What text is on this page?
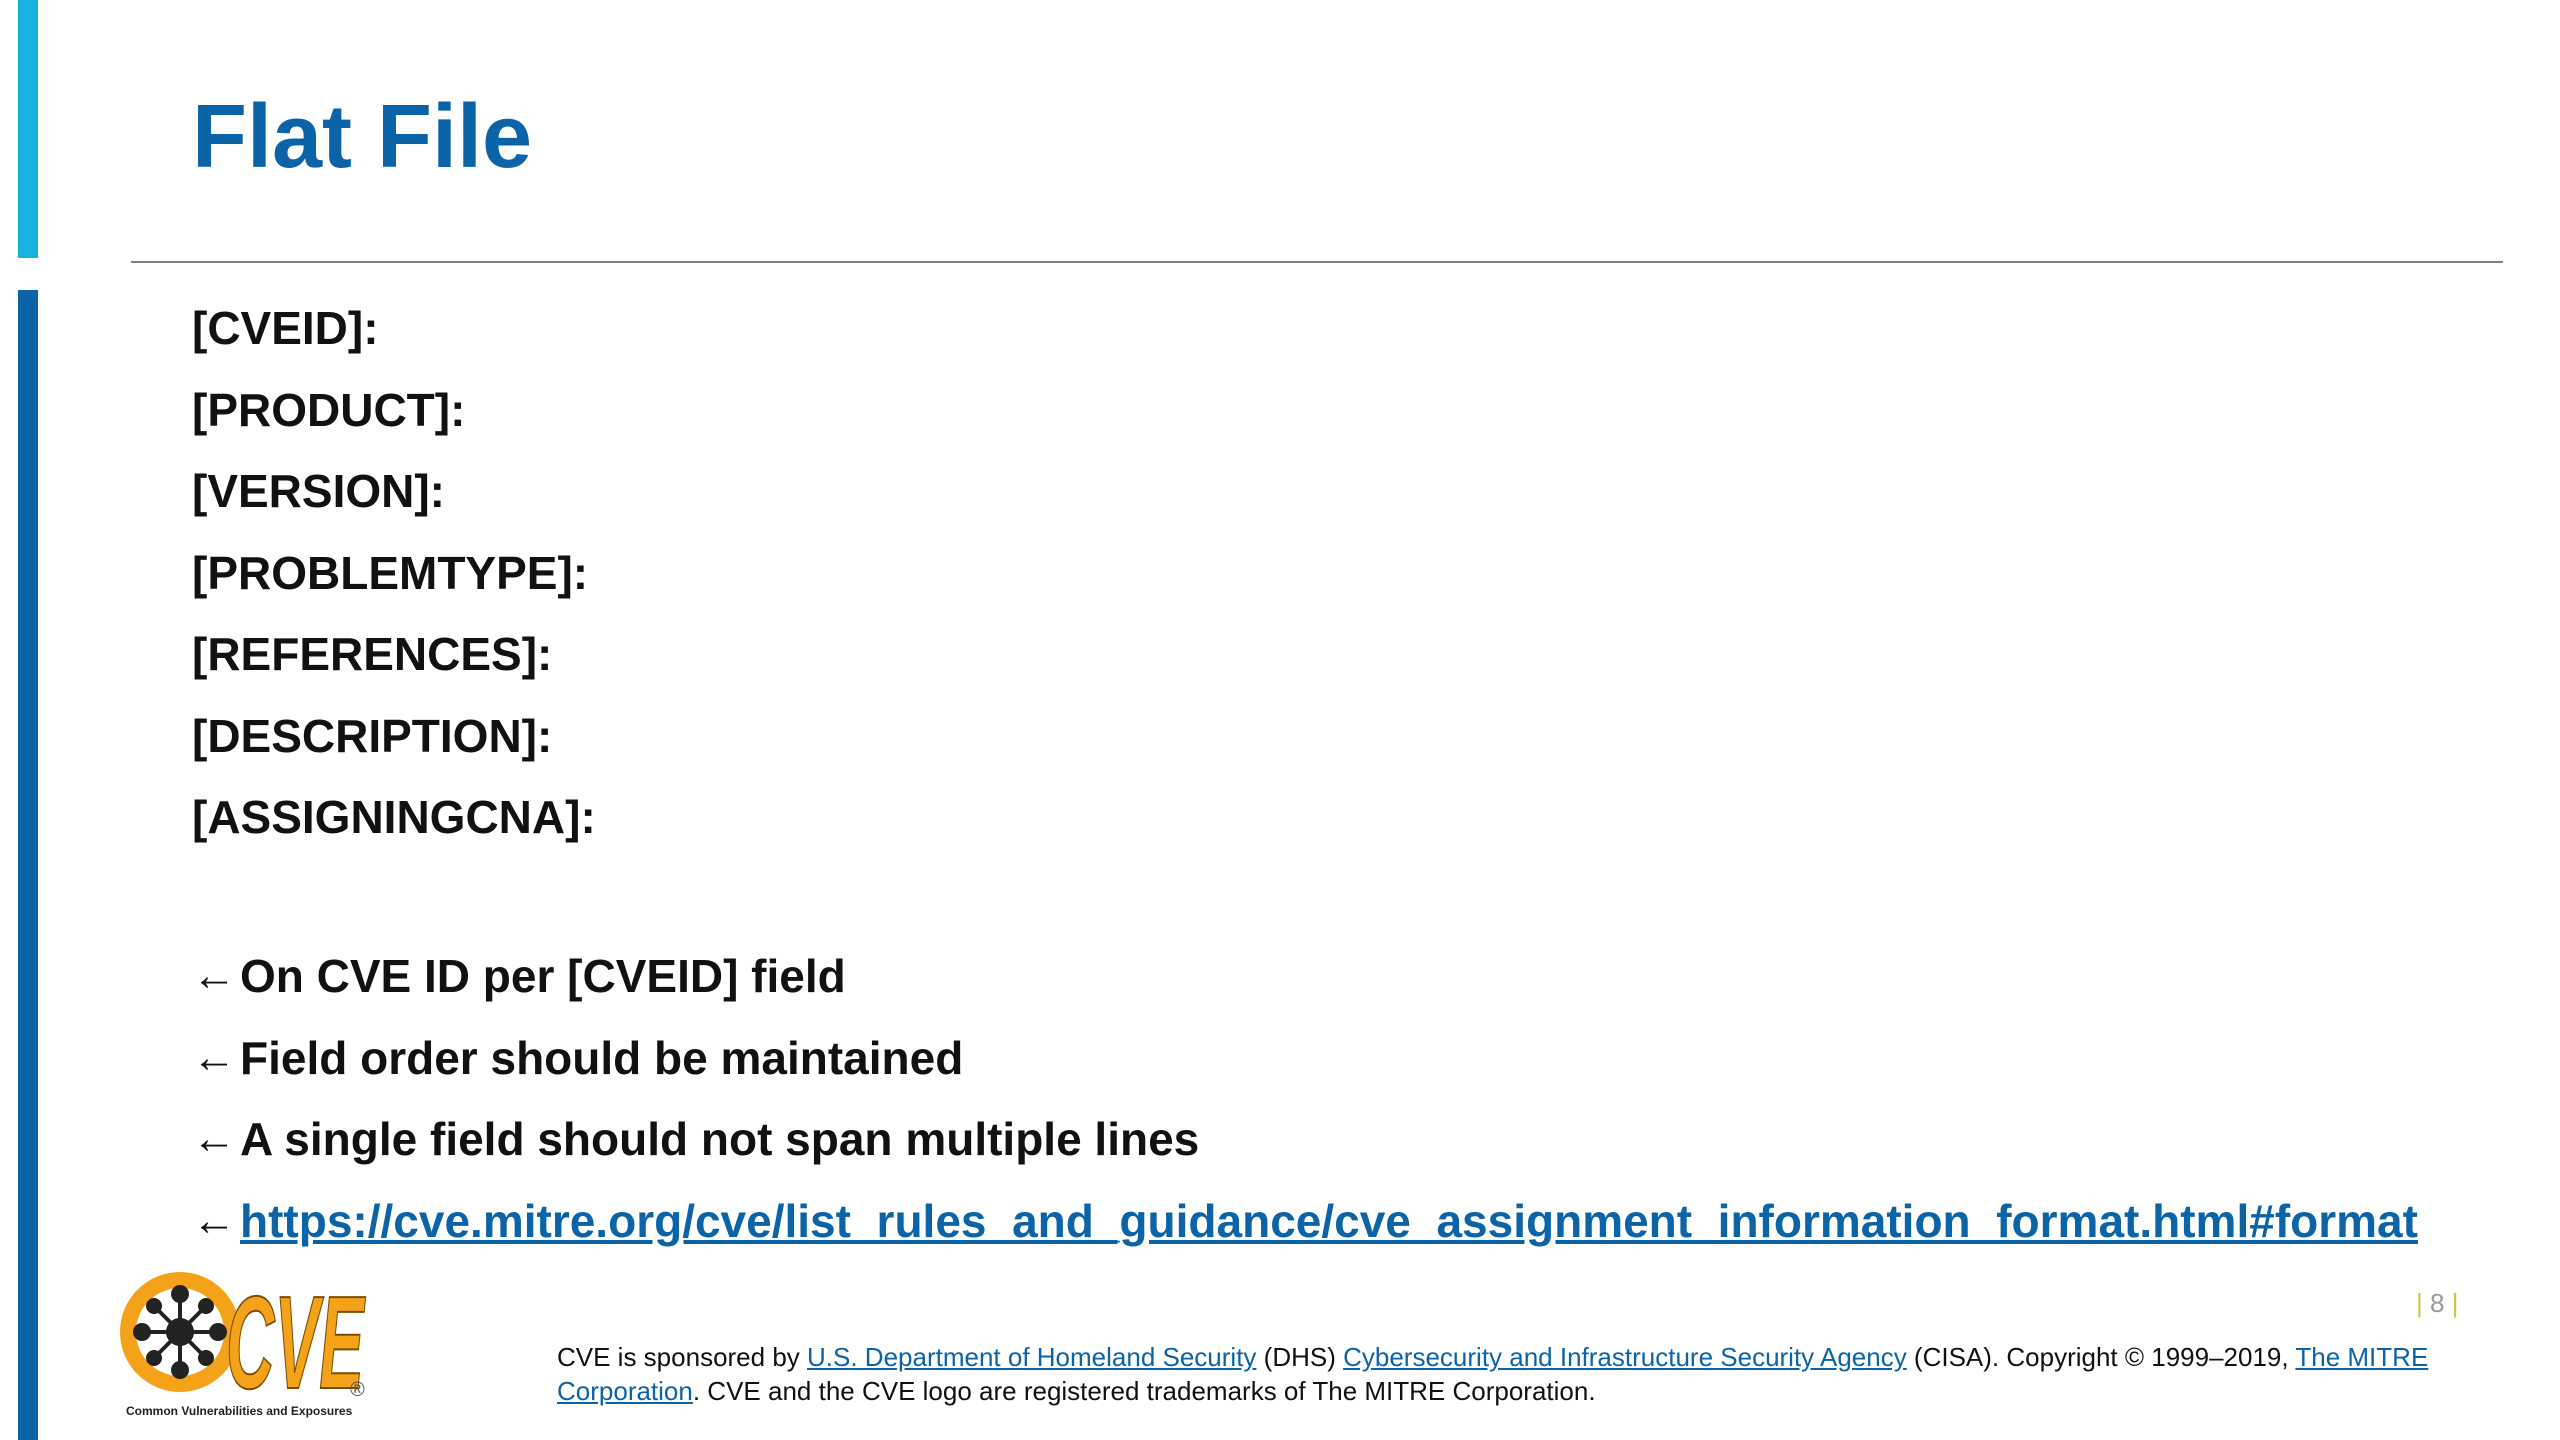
Flat File
[CVEID]:
[PRODUCT]:
[VERSION]:
[PROBLEMTYPE]:
[REFERENCES]:
[DESCRIPTION]:
[ASSIGNINGCNA]:
← On CVE ID per [CVEID] field
← Field order should be maintained
← A single field should not span multiple lines
← https://cve.mitre.org/cve/list_rules_and_guidance/cve_assignment_information_format.html#format
CVE
®
Common Vulnerabilities and Exposures
| 8 |
CVE is sponsored by U.S. Department of Homeland Security (DHS) Cybersecurity and Infrastructure Security Agency (CISA). Copyright © 1999–2019, The MITRE Corporation. CVE and the CVE logo are registered trademarks of The MITRE Corporation.
